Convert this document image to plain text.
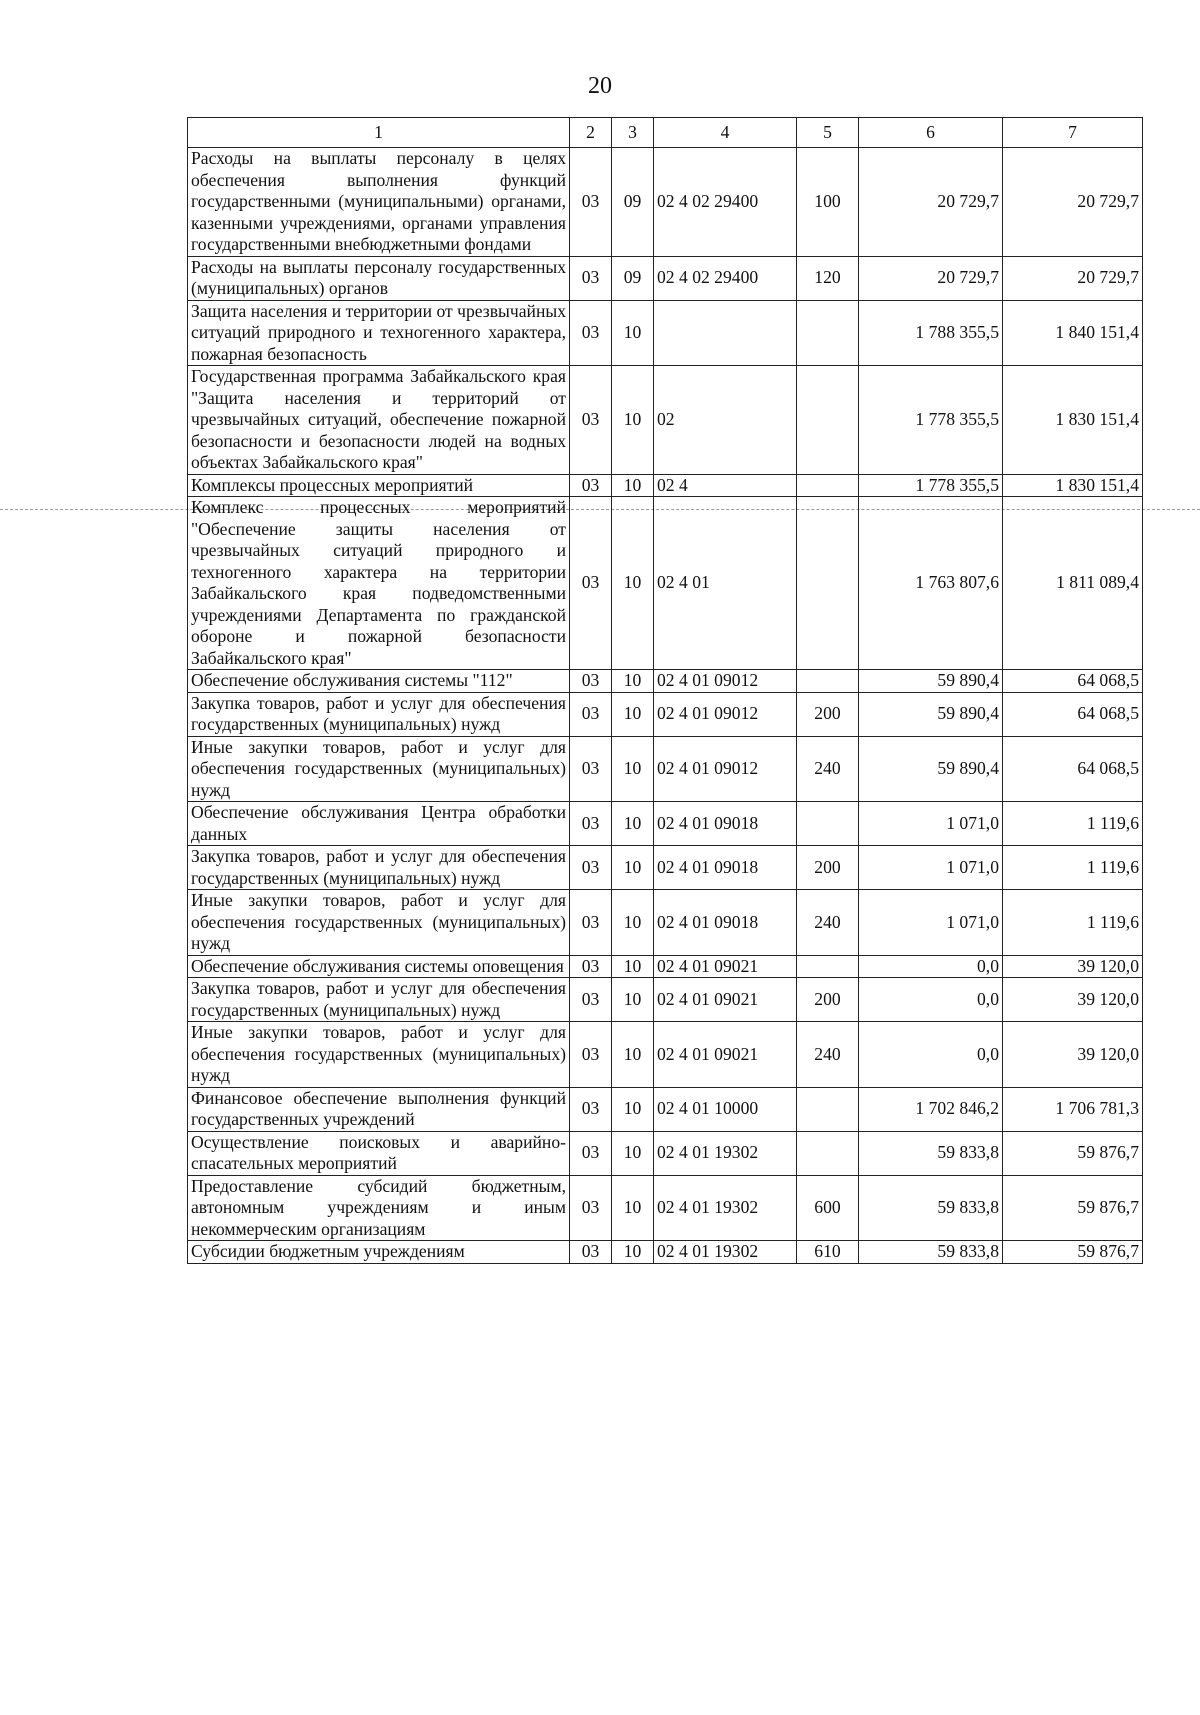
20
1	2	3	4	5	6	7
Расходы на выплаты персоналу в целях обеспечения выполнения функций государственными (муниципальными) органами, казенными учреждениями, органами управления государственными внебюджетными фондами	03	09	02 4 02 29400	100	20 729,7	20 729,7
Расходы на выплаты персоналу государственных (муниципальных) органов	03	09	02 4 02 29400	120	20 729,7	20 729,7
Защита населения и территории от чрезвычайных ситуаций природного и техногенного характера, пожарная безопасность	03	10			1 788 355,5	1 840 151,4
Государственная программа Забайкальского края "Защита населения и территорий от чрезвычайных ситуаций, обеспечение пожарной безопасности и безопасности людей на водных объектах Забайкальского края"	03	10	02		1 778 355,5	1 830 151,4
Комплексы процессных мероприятий	03	10	02 4		1 778 355,5	1 830 151,4
Комплекс процессных мероприятий "Обеспечение защиты населения от чрезвычайных ситуаций природного и техногенного характера на территории Забайкальского края подведомственными учреждениями Департамента по гражданской обороне и пожарной безопасности Забайкальского края"	03	10	02 4 01		1 763 807,6	1 811 089,4
Обеспечение обслуживания системы "112"	03	10	02 4 01 09012		59 890,4	64 068,5
Закупка товаров, работ и услуг для обеспечения государственных (муниципальных) нужд	03	10	02 4 01 09012	200	59 890,4	64 068,5
Иные закупки товаров, работ и услуг для обеспечения государственных (муниципальных) нужд	03	10	02 4 01 09012	240	59 890,4	64 068,5
Обеспечение обслуживания Центра обработки данных	03	10	02 4 01 09018		1 071,0	1 119,6
Закупка товаров, работ и услуг для обеспечения государственных (муниципальных) нужд	03	10	02 4 01 09018	200	1 071,0	1 119,6
Иные закупки товаров, работ и услуг для обеспечения государственных (муниципальных) нужд	03	10	02 4 01 09018	240	1 071,0	1 119,6
Обеспечение обслуживания системы оповещения	03	10	02 4 01 09021		0,0	39 120,0
Закупка товаров, работ и услуг для обеспечения государственных (муниципальных) нужд	03	10	02 4 01 09021	200	0,0	39 120,0
Иные закупки товаров, работ и услуг для обеспечения государственных (муниципальных) нужд	03	10	02 4 01 09021	240	0,0	39 120,0
Финансовое обеспечение выполнения функций государственных учреждений	03	10	02 4 01 10000		1 702 846,2	1 706 781,3
Осуществление поисковых и аварийно-спасательных мероприятий	03	10	02 4 01 19302		59 833,8	59 876,7
Предоставление субсидий бюджетным, автономным учреждениям и иным некоммерческим организациям	03	10	02 4 01 19302	600	59 833,8	59 876,7
Субсидии бюджетным учреждениям	03	10	02 4 01 19302	610	59 833,8	59 876,7
